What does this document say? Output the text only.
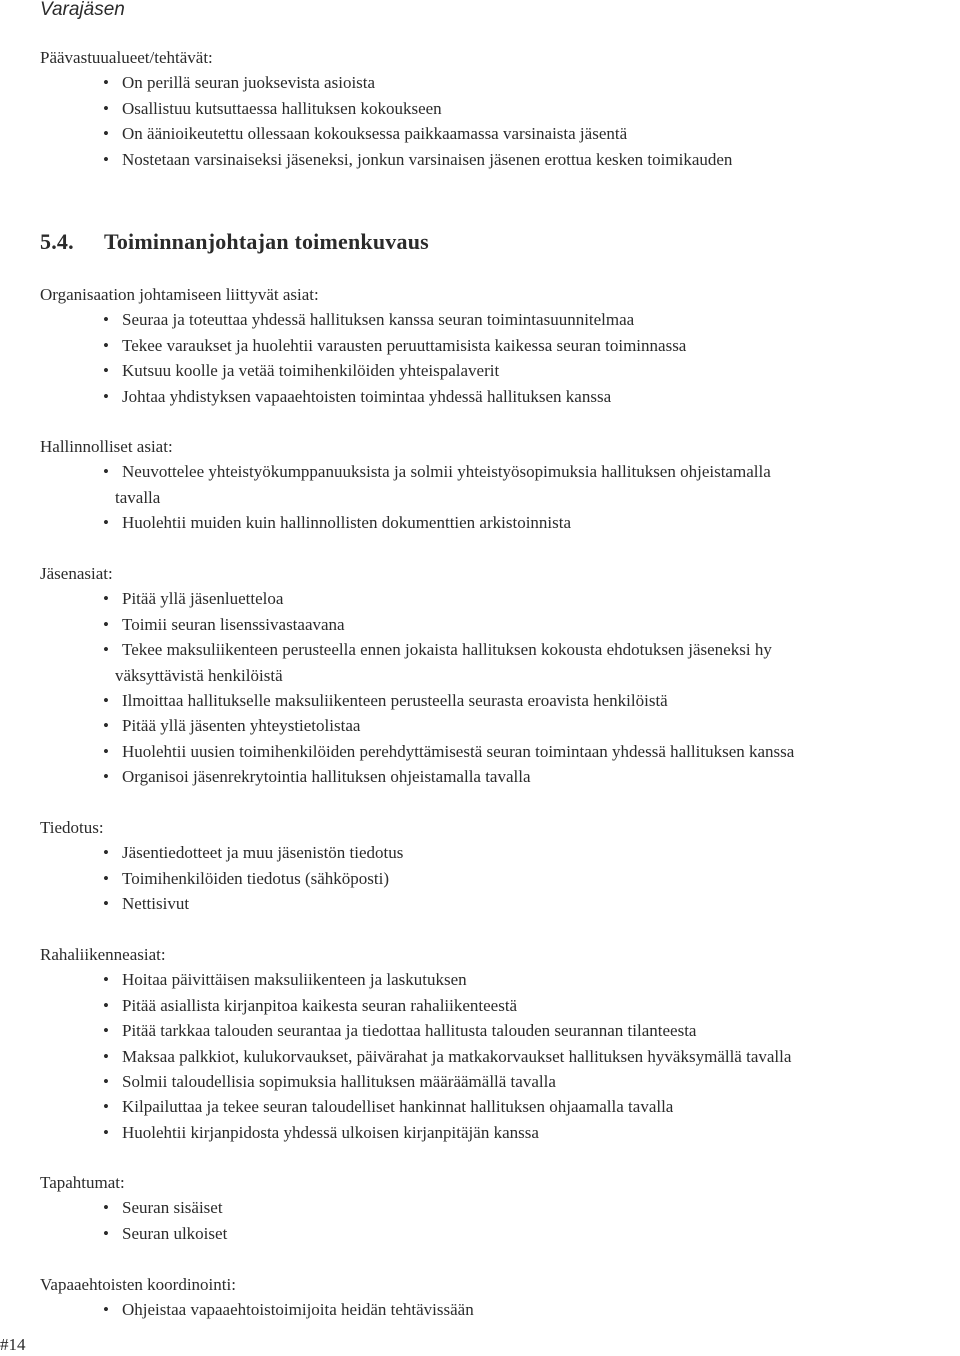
Varajäsen

Päävastuualueet/tehtävät:

• On perillä seuran juoksevista asioista
• Osallistuu kutsuttaessa hallituksen kokoukseen
• On äänioikeutettu ollessaan kokouksessa paikkaamassa varsinaista jäsentä
• Nostetaan varsinaiseksi jäseneksi, jonkun varsinaisen jäsenen erottua kesken toimikauden
5.4. Toiminnanjohtajan toimenkuvaus

Organisaation johtamiseen liittyvät asiat:

• Seuraa ja toteuttaa yhdessä hallituksen kanssa seuran toimintasuunnitelmaa
• Tekee varaukset ja huolehtii varausten peruuttamisista kaikessa seuran toiminnassa
• Kutsuu koolle ja vetää toimihenkilöiden yhteispalaverit
• Johtaa yhdistyksen vapaaehtoisten toimintaa yhdessä hallituksen kanssa

Hallinnolliset asiat:

• Neuvottelee yhteistyökumppanuuksista ja solmii yhteistyösopimuksia hallituksen ohjeistamalla
tavalla
• Huolehtii muiden kuin hallinnollisten dokumenttien arkistoinnista

Jäsenasiat:

• Pitää yllä jäsenluetteloa
• Toimii seuran lisenssivastaavana
• Tekee maksuliikenteen perusteella ennen jokaista hallituksen kokousta ehdotuksen jäseneksi hy
väksyttävistä henkilöistä
• Ilmoittaa hallitukselle maksuliikenteen perusteella seurasta eroavista henkilöistä
• Pitää yllä jäsenten yhteystietolistaa
• Huolehtii uusien toimihenkilöiden perehdyttämisestä seuran toimintaan yhdessä hallituksen kanssa
• Organisoi jäsenrekrytointia hallituksen ohjeistamalla tavalla

Tiedotus:

• Jäsentiedotteet ja muu jäsenistön tiedotus
• Toimihenkilöiden tiedotus (sähköposti)
• Nettisivut

Rahaliikenneasiat:

• Hoitaa päivittäisen maksuliikenteen ja laskutuksen
• Pitää asiallista kirjanpitoa kaikesta seuran rahaliikenteestä
• Pitää tarkkaa talouden seurantaa ja tiedottaa hallitusta talouden seurannan tilanteesta
• Maksaa palkkiot, kulukorvaukset, päivärahat ja matkakorvaukset hallituksen hyväksymällä tavalla
• Solmii taloudellisia sopimuksia hallituksen määräämällä tavalla
• Kilpailuttaa ja tekee seuran taloudelliset hankinnat hallituksen ohjaamalla tavalla
• Huolehtii kirjanpidosta yhdessä ulkoisen kirjanpitäjän kanssa

Tapahtumat:

• Seuran sisäiset
• Seuran ulkoiset

Vapaaehtoisten koordinointi:

• Ohjeistaa vapaaehtoistoimijoita heidän tehtävissään
#14
